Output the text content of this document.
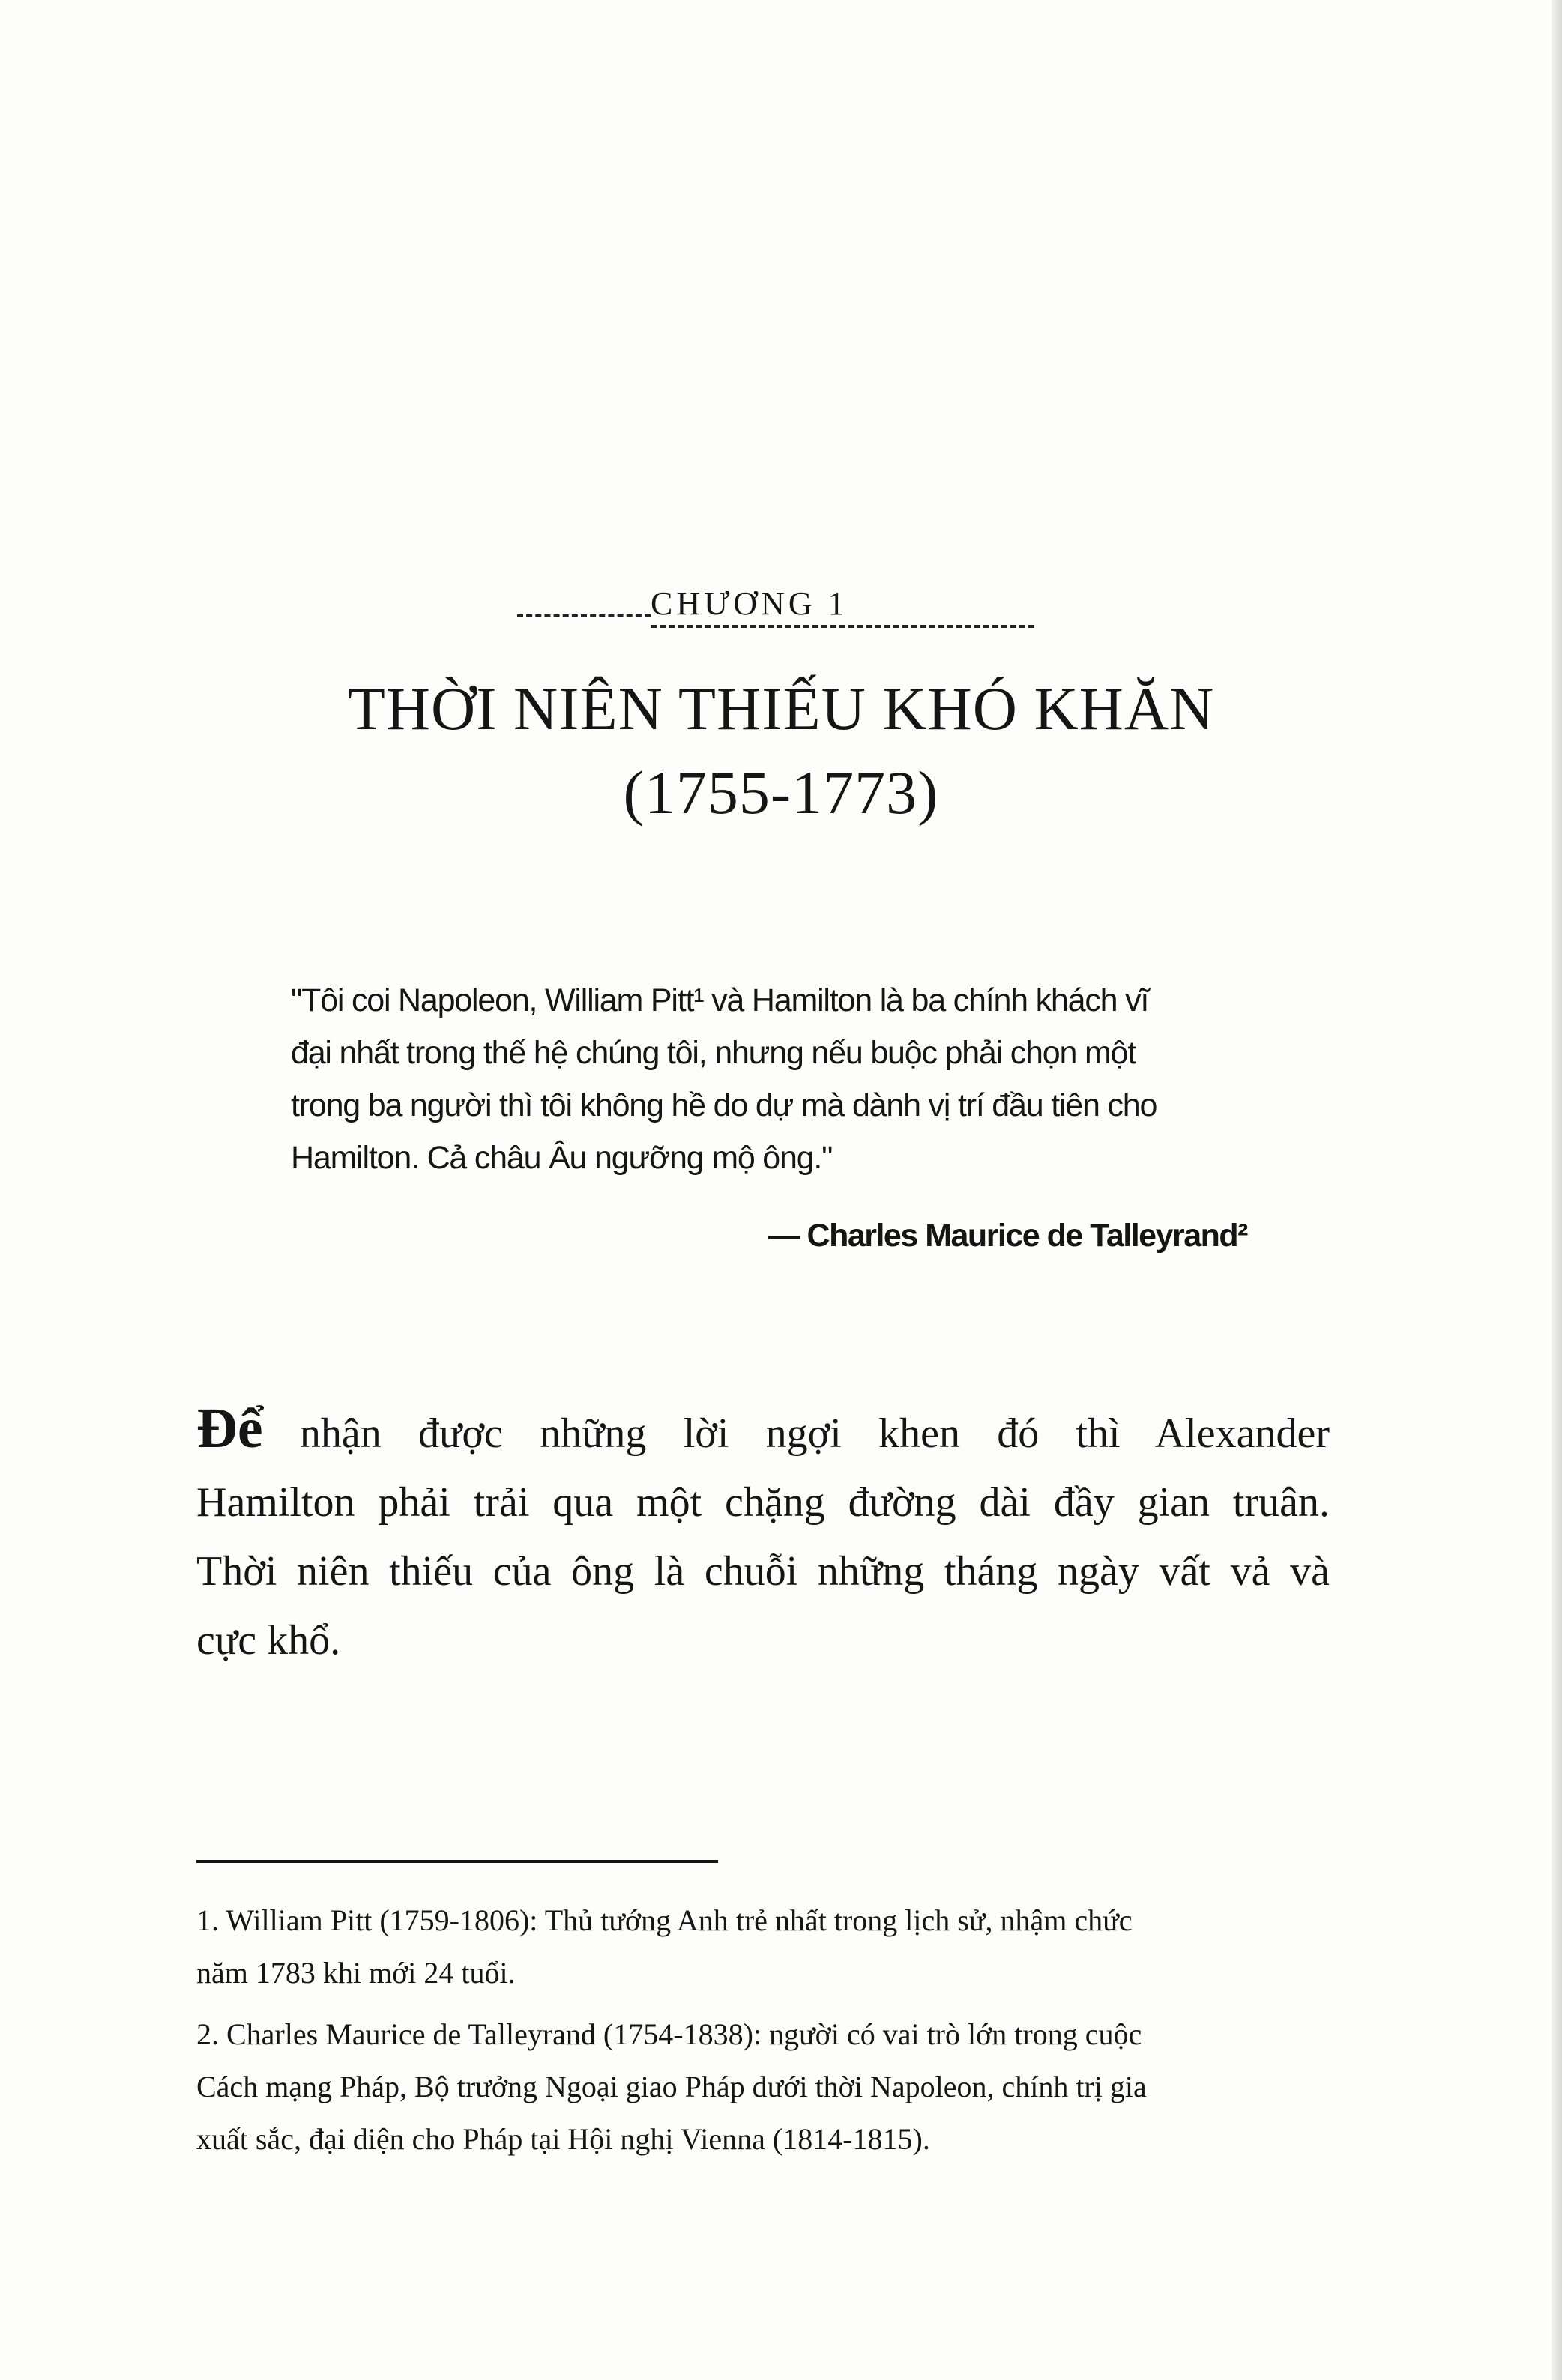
CHƯƠNG 1
THỜI NIÊN THIẾU KHÓ KHĂN
(1755-1773)
"Tôi coi Napoleon, William Pitt¹ và Hamilton là ba chính khách vĩ
đại nhất trong thế hệ chúng tôi, nhưng nếu buộc phải chọn một
trong ba người thì tôi không hề do dự mà dành vị trí đầu tiên cho
Hamilton. Cả châu Âu ngưỡng mộ ông."
— Charles Maurice de Talleyrand²
Để nhận được những lời ngợi khen đó thì Alexander
Hamilton phải trải qua một chặng đường dài đầy gian truân.
Thời niên thiếu của ông là chuỗi những tháng ngày vất vả và
cực khổ.
1. William Pitt (1759-1806): Thủ tướng Anh trẻ nhất trong lịch sử, nhậm chức
năm 1783 khi mới 24 tuổi.
2. Charles Maurice de Talleyrand (1754-1838): người có vai trò lớn trong cuộc
Cách mạng Pháp, Bộ trưởng Ngoại giao Pháp dưới thời Napoleon, chính trị gia
xuất sắc, đại diện cho Pháp tại Hội nghị Vienna (1814-1815).
